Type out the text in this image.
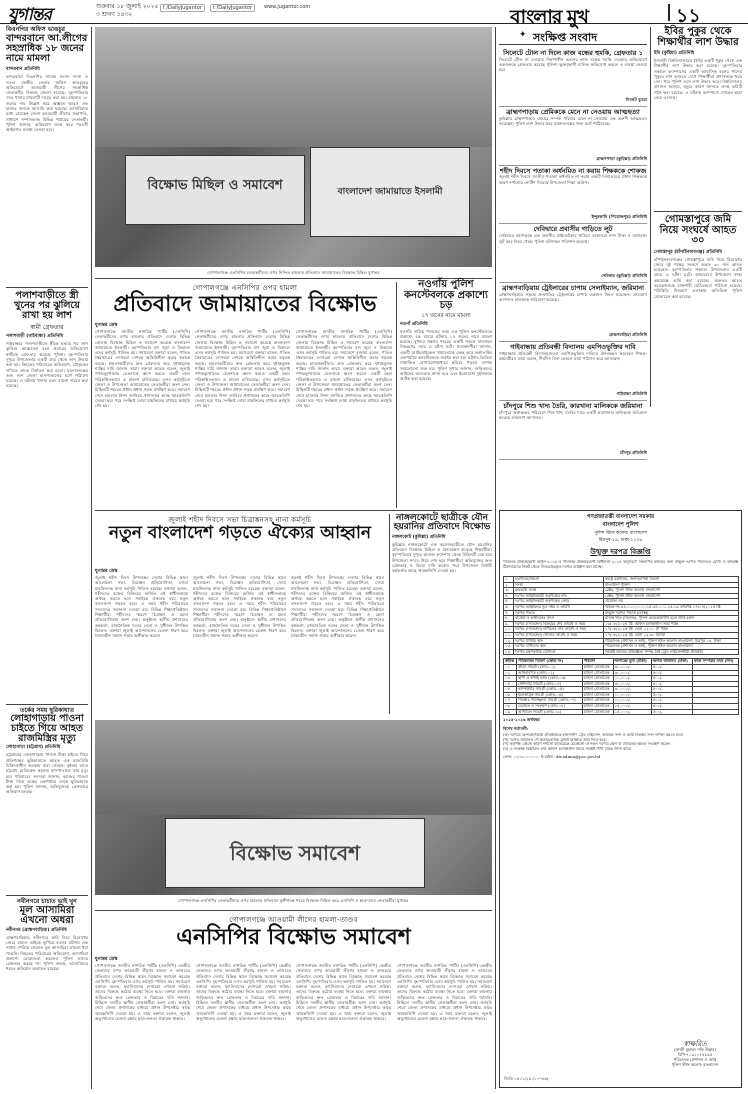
যুগান্তর	শুক্রবার ১৮ জুলাই ২০২৫
৩ শ্রাবণ ১৪৩২
f /DailyJugantor	t /DailyJugantor	www.jugantor.com	বাংলার মুখ	১১
বিএনপির অফিস ভাঙচুর
বান্দরবানে আ.লীগের সহস্রাধিক ১৮ জনের নামে মামলা
বান্দরবান প্রতিনিধি
বান্দরবানে বিএনপির সাবেক সংসদ সদস্য ও দলের কেন্দ্রীয় নেতার অফিস ভাঙচুরের অভিযোগে আওয়ামী লীগের সহস্রাধিক নেতাকর্মীর বিরুদ্ধে মামলা হয়েছে। বৃহস্পতিবার সদর থানায় মামলাটি দায়ের করা হয়। মামলায় ১৮ জনের নাম উল্লেখ করে অজ্ঞাত আরও এক হাজার জনকে আসামি করা হয়েছে। আসামিদের মধ্যে রয়েছেন জেলা আওয়ামী লীগের সভাপতি, সাধারণ সম্পাদকসহ বিভিন্ন পর্যায়ের নেতাকর্মী। পুলিশ জানায়, অভিযোগ তদন্ত করে পরবর্তী আইনগত ব্যবস্থা নেওয়া হবে।
পলাশবাড়ীতে স্ত্রী খুনের পর ঝুলিয়ে রাখা হয় লাশ
স্বামী গ্রেফতার
পলাশবাড়ী (গাইবান্ধা) প্রতিনিধি
গাইবান্ধার পলাশবাড়ীতে স্ত্রীকে হত্যার পর লাশ ঝুলিয়ে আত্মহত্যা বলে প্রচারের অভিযোগে স্বামীকে গ্রেফতার করেছে পুলিশ। বৃহস্পতিবার দুপুরে উপজেলার একটি গ্রাম থেকে লাশ উদ্ধার করা হয়। নিহতের পরিবারের অভিযোগ, যৌতুকের দাবিতে তাকে নির্যাতন করা হতো। ময়নাতদন্তের জন্য লাশ জেলা হাসপাতালের মর্গে পাঠানো হয়েছে। এ ঘটনায় থানায় হত্যা মামলা দায়ের করা হয়েছে।
তর্কের সময় ছুরিকাঘাত
লোহাগাড়ায় পাওনা চাইতে গিয়ে আহত রাজমিস্ত্রির মৃত্যু
লোহাগাড়া (চট্টগ্রাম) প্রতিনিধি
চট্টগ্রামের লোহাগাড়ায় পাওনা টাকা চাইতে গিয়ে প্রতিপক্ষের ছুরিকাঘাতে আহত এক রাজমিস্ত্রি চিকিৎসাধীন অবস্থায় মারা গেছেন। বুধবার রাতে চট্টগ্রাম মেডিকেল কলেজ হাসপাতালে তার মৃত্যু হয়। পরিবারের সদস্যরা জানান, কাজের পাওনা টাকা নিয়ে তর্কের একপর্যায়ে তাকে ছুরিকাঘাত করা হয়। পুলিশ জানায়, অভিযুক্তকে গ্রেফতারে অভিযান চলছে।
নবীনগরে চাচাত ভাই খুন
মূল আসামিরা এখনো অধরা
নবীনগর (ব্রাহ্মণবাড়িয়া) প্রতিনিধি
ব্রাহ্মণবাড়িয়ার নবীনগরে জমি নিয়ে বিরোধের জেরে চাচাত ভাইকে কুপিয়ে হত্যার ঘটনায় এক সপ্তাহ পেরিয়ে গেলেও মূল আসামিরা এখনো ধরা পড়েনি। নিহতের পরিবারের অভিযোগ, আসামিরা প্রকাশ্যে ঘোরাফেরা করলেও পুলিশ তাদের গ্রেফতার করছে না। পুলিশ বলছে, আসামিদের ধরতে অভিযান অব্যাহত রয়েছে।
বিক্ষোভ মিছিল ও সমাবেশ	বাংলাদেশ জামায়াতে ইসলামী
গোপালগঞ্জে এনসিপির নেতাকর্মীদের ওপর নিন্দিত হামলার প্রতিবাদে জামায়াতের বিক্ষোভ মিছিল যুগান্তর
গোপালগঞ্জে এনসিপির ওপর হামলা
প্রতিবাদে জামায়াতের বিক্ষোভ
যুগান্তর ডেস্ক
গোপালগঞ্জে জাতীয় নাগরিক পার্টির (এনসিপি) নেতাকর্মীদের ওপর হামলার প্রতিবাদে দেশের বিভিন্ন জেলায় বিক্ষোভ মিছিল ও সমাবেশ করেছে বাংলাদেশ জামায়াতে ইসলামী। বৃহস্পতিবার বাদ জুমা ও বিকালে এসব কর্মসূচি পালিত হয়। সমাবেশে বক্তারা বলেন, পতিত স্বৈরাচারের দোসররা দেশকে অস্থিতিশীল করার ষড়যন্ত্র করছে। হামলাকারীদের দ্রুত গ্রেফতার করে দৃষ্টান্তমূলক শাস্তির দাবি জানান তারা। বক্তারা আরও বলেন, জুলাই গণঅভ্যুত্থানের চেতনাকে ধ্বংস করতে একটি মহল পরিকল্পিতভাবে এ হামলা চালিয়েছে। এসব কর্মসূচিতে জেলা ও উপজেলা জামায়াতের নেতাকর্মীরা অংশ নেন। মিছিলটি শহরের প্রধান প্রধান সড়ক প্রদক্ষিণ করে। সমাবেশ শেষে হামলার নিন্দা জানিয়ে প্রশাসনের কাছে স্মারকলিপি দেওয়া হয়। পরে সংক্ষিপ্ত দোয়া মাহফিলের মাধ্যমে কর্মসূচি শেষ হয়।
গোপালগঞ্জে জাতীয় নাগরিক পার্টির (এনসিপি) নেতাকর্মীদের ওপর হামলার প্রতিবাদে দেশের বিভিন্ন জেলায় বিক্ষোভ মিছিল ও সমাবেশ করেছে বাংলাদেশ জামায়াতে ইসলামী। বৃহস্পতিবার বাদ জুমা ও বিকালে এসব কর্মসূচি পালিত হয়। সমাবেশে বক্তারা বলেন, পতিত স্বৈরাচারের দোসররা দেশকে অস্থিতিশীল করার ষড়যন্ত্র করছে। হামলাকারীদের দ্রুত গ্রেফতার করে দৃষ্টান্তমূলক শাস্তির দাবি জানান তারা। বক্তারা আরও বলেন, জুলাই গণঅভ্যুত্থানের চেতনাকে ধ্বংস করতে একটি মহল পরিকল্পিতভাবে এ হামলা চালিয়েছে। এসব কর্মসূচিতে জেলা ও উপজেলা জামায়াতের নেতাকর্মীরা অংশ নেন। মিছিলটি শহরের প্রধান প্রধান সড়ক প্রদক্ষিণ করে। সমাবেশ শেষে হামলার নিন্দা জানিয়ে প্রশাসনের কাছে স্মারকলিপি দেওয়া হয়। পরে সংক্ষিপ্ত দোয়া মাহফিলের মাধ্যমে কর্মসূচি শেষ হয়।
গোপালগঞ্জে জাতীয় নাগরিক পার্টির (এনসিপি) নেতাকর্মীদের ওপর হামলার প্রতিবাদে দেশের বিভিন্ন জেলায় বিক্ষোভ মিছিল ও সমাবেশ করেছে বাংলাদেশ জামায়াতে ইসলামী। বৃহস্পতিবার বাদ জুমা ও বিকালে এসব কর্মসূচি পালিত হয়। সমাবেশে বক্তারা বলেন, পতিত স্বৈরাচারের দোসররা দেশকে অস্থিতিশীল করার ষড়যন্ত্র করছে। হামলাকারীদের দ্রুত গ্রেফতার করে দৃষ্টান্তমূলক শাস্তির দাবি জানান তারা। বক্তারা আরও বলেন, জুলাই গণঅভ্যুত্থানের চেতনাকে ধ্বংস করতে একটি মহল পরিকল্পিতভাবে এ হামলা চালিয়েছে। এসব কর্মসূচিতে জেলা ও উপজেলা জামায়াতের নেতাকর্মীরা অংশ নেন। মিছিলটি শহরের প্রধান প্রধান সড়ক প্রদক্ষিণ করে। সমাবেশ শেষে হামলার নিন্দা জানিয়ে প্রশাসনের কাছে স্মারকলিপি দেওয়া হয়। পরে সংক্ষিপ্ত দোয়া মাহফিলের মাধ্যমে কর্মসূচি শেষ হয়।
নওগাঁয় পুলিশ কনস্টেবলকে প্রকাশ্যে চড়
১৭ জনের নামে মামলা
নওগাঁ প্রতিনিধি
নওগাঁয় দায়িত্ব পালনের সময় এক পুলিশ কনস্টেবলকে প্রকাশ্যে চড় মারার ঘটনায় ১৭ জনের নামে মামলা হয়েছে। বুধবার সন্ধ্যায় শহরের একটি সড়কে যানবাহন নিয়ন্ত্রণের সময় এ ঘটনা ঘটে। প্রত্যক্ষদর্শীরা জানান, একটি মোটরসাইকেল থামানোকে কেন্দ্র করে তর্কাতর্কির একপর্যায়ে কনস্টেবলকে মারধর করা হয়। ঘটনার ভিডিও সামাজিক যোগাযোগমাধ্যমে ছড়িয়ে পড়লে ব্যাপক সমালোচনা শুরু হয়। পুলিশ সুপার জানান, জড়িতদের আইনের আওতায় আনা হবে এবং ইতোমধ্যে দুইজনকে আটক করা হয়েছে।
জুলাই শহীদ দিবসে সভা চিত্রাঙ্কনসহ নানা কর্মসূচি
নতুন বাংলাদেশ গড়তে ঐক্যের আহ্বান
যুগান্তর ডেস্ক
জুলাই শহীদ দিবস উপলক্ষ্যে দেশের বিভিন্ন স্থানে আলোচনা সভা, চিত্রাঙ্কন প্রতিযোগিতা, দোয়া মাহফিলসহ নানা কর্মসূচি পালিত হয়েছে। বক্তারা বলেন, শহীদদের রক্তের বিনিময়ে অর্জিত এই স্বাধীনতাকে অর্থবহ করতে হলে সবাইকে ঐক্যবদ্ধ হয়ে নতুন বাংলাদেশ গড়তে হবে। এ সময় শহীদ পরিবারের সদস্যদের সম্মাননা দেওয়া হয়। বিভিন্ন শিক্ষাপ্রতিষ্ঠানে শিক্ষার্থীরা শহীদদের স্মরণে চিত্রাঙ্কন ও রচনা প্রতিযোগিতায় অংশ নেয়। অনুষ্ঠানে স্থানীয় প্রশাসনের কর্মকর্তা, রাজনৈতিক দলের নেতা ও সুধীজন উপস্থিত ছিলেন। বক্তারা জুলাই আন্দোলনের চেতনা ধারণ করে বৈষম্যহীন সমাজ গড়ার অঙ্গীকার করেন।
জুলাই শহীদ দিবস উপলক্ষ্যে দেশের বিভিন্ন স্থানে আলোচনা সভা, চিত্রাঙ্কন প্রতিযোগিতা, দোয়া মাহফিলসহ নানা কর্মসূচি পালিত হয়েছে। বক্তারা বলেন, শহীদদের রক্তের বিনিময়ে অর্জিত এই স্বাধীনতাকে অর্থবহ করতে হলে সবাইকে ঐক্যবদ্ধ হয়ে নতুন বাংলাদেশ গড়তে হবে। এ সময় শহীদ পরিবারের সদস্যদের সম্মাননা দেওয়া হয়। বিভিন্ন শিক্ষাপ্রতিষ্ঠানে শিক্ষার্থীরা শহীদদের স্মরণে চিত্রাঙ্কন ও রচনা প্রতিযোগিতায় অংশ নেয়। অনুষ্ঠানে স্থানীয় প্রশাসনের কর্মকর্তা, রাজনৈতিক দলের নেতা ও সুধীজন উপস্থিত ছিলেন। বক্তারা জুলাই আন্দোলনের চেতনা ধারণ করে বৈষম্যহীন সমাজ গড়ার অঙ্গীকার করেন।
জুলাই শহীদ দিবস উপলক্ষ্যে দেশের বিভিন্ন স্থানে আলোচনা সভা, চিত্রাঙ্কন প্রতিযোগিতা, দোয়া মাহফিলসহ নানা কর্মসূচি পালিত হয়েছে। বক্তারা বলেন, শহীদদের রক্তের বিনিময়ে অর্জিত এই স্বাধীনতাকে অর্থবহ করতে হলে সবাইকে ঐক্যবদ্ধ হয়ে নতুন বাংলাদেশ গড়তে হবে। এ সময় শহীদ পরিবারের সদস্যদের সম্মাননা দেওয়া হয়। বিভিন্ন শিক্ষাপ্রতিষ্ঠানে শিক্ষার্থীরা শহীদদের স্মরণে চিত্রাঙ্কন ও রচনা প্রতিযোগিতায় অংশ নেয়। অনুষ্ঠানে স্থানীয় প্রশাসনের কর্মকর্তা, রাজনৈতিক দলের নেতা ও সুধীজন উপস্থিত ছিলেন। বক্তারা জুলাই আন্দোলনের চেতনা ধারণ করে বৈষম্যহীন সমাজ গড়ার অঙ্গীকার করেন।
নাঙ্গলকোটে ছাত্রীকে যৌন হয়রানির প্রতিবাদে বিক্ষোভ
নাঙ্গলকোট (কুমিল্লা) প্রতিনিধি
কুমিল্লার নাঙ্গলকোটে এক কলেজছাত্রীকে যৌন হয়রানির প্রতিবাদে বিক্ষোভ মিছিল ও মানববন্ধন করেছে শিক্ষার্থীরা। বৃহস্পতিবার দুপুরে কলেজ ক্যাম্পাস থেকে মিছিলটি বের হয়ে উপজেলা সদরে গিয়ে শেষ হয়। শিক্ষার্থীরা অভিযুক্তের দ্রুত গ্রেফতার ও বিচার দাবি করেন। পরে উপজেলা নির্বাহী কর্মকর্তার কাছে স্মারকলিপি দেওয়া হয়।
বিক্ষোভ সমাবেশ
গোপালগঞ্জে এনসিপির নেতাকর্মীদের ওপর হামলার প্রতিবাদে মুন্সীগঞ্জে শহরে বিক্ষোভ মিছিল করে এনসিপি ও ছাত্রদলের নেতাকর্মীরা যুগান্তর
গোপালগঞ্জে আওয়ামী লীগের হামলা-তাণ্ডব
এনসিপির বিক্ষোভ সমাবেশ
যুগান্তর ডেস্ক
গোপালগঞ্জে জাতীয় নাগরিক পার্টির (এনসিপি) কেন্দ্রীয় নেতাদের ওপর আওয়ামী লীগের হামলা ও তাণ্ডবের প্রতিবাদে দেশের বিভিন্ন স্থানে বিক্ষোভ সমাবেশ করেছে এনসিপি। বৃহস্পতিবার এসব কর্মসূচি পালিত হয়। সমাবেশে বক্তারা বলেন, ফ্যাসিবাদের দোসররা এখনো সক্রিয়। তাদের বিরুদ্ধে কঠোর ব্যবস্থা নিতে হবে। বক্তারা হামলায় জড়িতদের দ্রুত গ্রেফতার ও বিচারের দাবি জানান। মিছিলে দলটির স্থানীয় নেতাকর্মীরা অংশ নেন। কর্মসূচি শেষে জেলা প্রশাসকের মাধ্যমে প্রধান উপদেষ্টার কাছে স্মারকলিপি দেওয়া হয়। এ সময় বক্তারা বলেন, জুলাই অভ্যুত্থানের চেতনা রক্ষায় ছাত্র-জনতা ঐক্যবদ্ধ থাকবে।
গোপালগঞ্জে জাতীয় নাগরিক পার্টির (এনসিপি) কেন্দ্রীয় নেতাদের ওপর আওয়ামী লীগের হামলা ও তাণ্ডবের প্রতিবাদে দেশের বিভিন্ন স্থানে বিক্ষোভ সমাবেশ করেছে এনসিপি। বৃহস্পতিবার এসব কর্মসূচি পালিত হয়। সমাবেশে বক্তারা বলেন, ফ্যাসিবাদের দোসররা এখনো সক্রিয়। তাদের বিরুদ্ধে কঠোর ব্যবস্থা নিতে হবে। বক্তারা হামলায় জড়িতদের দ্রুত গ্রেফতার ও বিচারের দাবি জানান। মিছিলে দলটির স্থানীয় নেতাকর্মীরা অংশ নেন। কর্মসূচি শেষে জেলা প্রশাসকের মাধ্যমে প্রধান উপদেষ্টার কাছে স্মারকলিপি দেওয়া হয়। এ সময় বক্তারা বলেন, জুলাই অভ্যুত্থানের চেতনা রক্ষায় ছাত্র-জনতা ঐক্যবদ্ধ থাকবে।
গোপালগঞ্জে জাতীয় নাগরিক পার্টির (এনসিপি) কেন্দ্রীয় নেতাদের ওপর আওয়ামী লীগের হামলা ও তাণ্ডবের প্রতিবাদে দেশের বিভিন্ন স্থানে বিক্ষোভ সমাবেশ করেছে এনসিপি। বৃহস্পতিবার এসব কর্মসূচি পালিত হয়। সমাবেশে বক্তারা বলেন, ফ্যাসিবাদের দোসররা এখনো সক্রিয়। তাদের বিরুদ্ধে কঠোর ব্যবস্থা নিতে হবে। বক্তারা হামলায় জড়িতদের দ্রুত গ্রেফতার ও বিচারের দাবি জানান। মিছিলে দলটির স্থানীয় নেতাকর্মীরা অংশ নেন। কর্মসূচি শেষে জেলা প্রশাসকের মাধ্যমে প্রধান উপদেষ্টার কাছে স্মারকলিপি দেওয়া হয়। এ সময় বক্তারা বলেন, জুলাই অভ্যুত্থানের চেতনা রক্ষায় ছাত্র-জনতা ঐক্যবদ্ধ থাকবে।
গোপালগঞ্জে জাতীয় নাগরিক পার্টির (এনসিপি) কেন্দ্রীয় নেতাদের ওপর আওয়ামী লীগের হামলা ও তাণ্ডবের প্রতিবাদে দেশের বিভিন্ন স্থানে বিক্ষোভ সমাবেশ করেছে এনসিপি। বৃহস্পতিবার এসব কর্মসূচি পালিত হয়। সমাবেশে বক্তারা বলেন, ফ্যাসিবাদের দোসররা এখনো সক্রিয়। তাদের বিরুদ্ধে কঠোর ব্যবস্থা নিতে হবে। বক্তারা হামলায় জড়িতদের দ্রুত গ্রেফতার ও বিচারের দাবি জানান। মিছিলে দলটির স্থানীয় নেতাকর্মীরা অংশ নেন। কর্মসূচি শেষে জেলা প্রশাসকের মাধ্যমে প্রধান উপদেষ্টার কাছে স্মারকলিপি দেওয়া হয়। এ সময় বক্তারা বলেন, জুলাই অভ্যুত্থানের চেতনা রক্ষায় ছাত্র-জনতা ঐক্যবদ্ধ থাকবে।
✦ সংক্ষিপ্ত সংবাদ
সিলেটে টোল না দিলে কাজ বন্ধের হুমকি, গ্রেফতার ১
সিলেটে টোল না দেওয়ায় নির্মাণাধীন ভবনের কাজ বন্ধের হুমকি দেওয়ার অভিযোগে একজনকে গ্রেফতার করেছে পুলিশ। ভুক্তভোগী মালিক অভিযোগ করলে এ ব্যবস্থা নেওয়া হয়।
সিলেট ব্যুরো
ব্রাহ্মণপাড়ায় প্রেমিককে মেনে না নেওয়ায় আত্মহত্যা
কুমিল্লার ব্রাহ্মণপাড়ায় প্রেমের সম্পর্ক পরিবার মেনে না নেওয়ায় এক তরুণী আত্মহত্যা করেছেন। পুলিশ লাশ উদ্ধার করে ময়নাতদন্তের জন্য মর্গে পাঠিয়েছে।
ব্রাহ্মণপাড়া (কুমিল্লা) প্রতিনিধি
শহীদ দিবসে পতাকা অর্ধনমিত না করায় শিক্ষককে শোকজ
জুলাই শহীদ দিবসে জাতীয় পতাকা অর্ধনমিত না করায় একটি বিদ্যালয়ের প্রধান শিক্ষককে কারণ দর্শানোর নোটিশ দিয়েছে উপজেলা শিক্ষা অফিস।
ইন্দুরকানি (পিরোজপুর) প্রতিনিধি
দেবিদ্বারে প্রবাসীর গাড়িতে লুট
দেবিদ্বারে মহাসড়কে এক প্রবাসীর প্রাইভেটকার থামিয়ে ডাকাতরা নগদ টাকা ও মালামাল লুট করে নিয়ে গেছে। পুলিশ ঘটনাস্থল পরিদর্শন করেছে।
দেবিদ্বার (কুমিল্লা) প্রতিনিধি
ব্রাহ্মণবাড়িয়ায় ট্রেইলারের চাপায় সেলাইম্যান, জরিমানা
ব্রাহ্মণবাড়িয়ায় সড়কে দ্রুতগতির ট্রেইলারের চাপায় একজন নিহত হয়েছেন। ভ্রাম্যমাণ আদালত চালককে জরিমানা করেছে।
ব্রাহ্মণবাড়িয়া প্রতিনিধি
গাইবান্ধায় প্রতিবন্ধী বিদ্যালয় এমপিওভুক্তির দাবি
গাইবান্ধায় প্রতিবন্ধী বিদ্যালয়গুলো এমপিওভুক্তির দাবিতে মানববন্ধন করেছেন শিক্ষক-কর্মচারীরা। তারা বলেন, দীর্ঘদিন বিনা বেতনে তারা পাঠদান করে আসছেন।
গাইবান্ধা প্রতিনিধি
চাঁদপুরে শিশু খাদ্য তৈরি, কারখানা মালিককে জরিমানা
চাঁদপুরে অস্বাস্থ্যকর পরিবেশে শিশু খাদ্য তৈরির দায়ে একটি কারখানার মালিককে জরিমানা করেছে ভ্রাম্যমাণ আদালত।
চাঁদপুর প্রতিনিধি
ইবির পুকুর থেকে শিক্ষার্থীর লাশ উদ্ধার
ইবি (কুষ্টিয়া) প্রতিনিধি
ইসলামী বিশ্ববিদ্যালয়ের (ইবি) একটি পুকুর থেকে এক শিক্ষার্থীর লাশ উদ্ধার করা হয়েছে। বৃহস্পতিবার সকালে ক্যাম্পাসের একটি আবাসিক হলের পাশের পুকুরে লাশ ভাসতে দেখে শিক্ষার্থীরা প্রশাসনকে খবর দেন। পরে পুলিশ এসে লাশ উদ্ধার করে। বিশ্ববিদ্যালয় প্রশাসন জানায়, মৃত্যুর কারণ জানতে তদন্ত কমিটি গঠন করা হয়েছে। এ ঘটনায় ক্যাম্পাসে শোকের ছায়া নেমে এসেছে।
গোমস্তাপুরে জমি নিয়ে সংঘর্ষে আহত ৩০
গোমস্তাপুর (চাঁপাইনবাবগঞ্জ) প্রতিনিধি
চাঁপাইনবাবগঞ্জের গোমস্তাপুরে জমি নিয়ে বিরোধের জেরে দুই পক্ষের সংঘর্ষে অন্তত ৩০ জন আহত হয়েছেন। বৃহস্পতিবার সকালে উপজেলার একটি গ্রামে এ ঘটনা ঘটে। আহতদের উপজেলা স্বাস্থ্য কমপ্লেক্সে ভর্তি করা হয়েছে। গুরুতর আহত কয়েকজনকে রাজশাহী মেডিকেলে পাঠানো হয়েছে। পরিস্থিতি নিয়ন্ত্রণে এলাকায় অতিরিক্ত পুলিশ মোতায়েন করা হয়েছে।
গণপ্রজাতন্ত্রী বাংলাদেশ সরকার
বাংলাদেশ পুলিশ
পুলিশ স্টাফ কলেজ বাংলাদেশ
মিরপুর-১৪, ঢাকা-১২০৬
উন্মুক্ত দরপত্র বিজ্ঞপ্তি
পাবলিক প্রকিউরমেন্ট আইন-২০০৬ ও পাবলিক প্রকিউরমেন্ট বিধিমালা-২০২৫ অনুসরণে নিম্নবর্ণিত কাজের জন্য উন্মুক্ত দরপত্র পদ্ধতিতে যোগ্য ও অভিজ্ঞ ঠিকাদারদের নিকট থেকে সিলমোহরকৃত দরপত্র আহ্বান করা যাচ্ছে।
১.	মন্ত্রণালয়/বিভাগ	স্বরাষ্ট্র মন্ত্রণালয়, জননিরাপত্তা বিভাগ
২.	সংস্থা	বাংলাদেশ পুলিশ
৩.	ক্রয়কারী সংস্থা	রেক্টর, পুলিশ স্টাফ কলেজ বাংলাদেশ
৪.	দরপত্র আহ্বানকারী কর্তৃপক্ষের নাম	রেক্টর, পুলিশ স্টাফ কলেজ বাংলাদেশ
৫.	দরপত্র আহ্বানকারী কর্তৃপক্ষের কোড	প্রযোজ্য নয়
৬.	দরপত্র আহ্বানের সূত্র নম্বর ও তারিখ	স্মারক নং-৪৪.০১.০০০০.০১৫.৩৭.০০১.২৫-১৯ তারিখঃ ১৭/০৭/২০২৫ খ্রি.
৭.	দরপত্র পদ্ধতি	উন্মুক্ত দরপত্র পদ্ধতি (OTM)
৮.	বাজেট ও অর্থায়নের উৎস	রাজস্ব খাত (জিওবি), পুলিশ হেডকোয়ার্টার্স হতে প্রাপ্ত বরাদ্দ
৯.	দরপত্র (সিডিউল) বিক্রয়ের শেষ তারিখ ও সময়	১৬/০৮/২০২৫ খ্রি. অফিস চলাকালীন সময় পর্যন্ত
১০.	দরপত্র (সিডিউল) দাখিলের শেষ তারিখ ও সময়	১৭/০৮/২০২৫ খ্রি. বেলা ১২:০০ টা পর্যন্ত
১১.	দরপত্র (সিডিউল) খোলার তারিখ ও সময়	১৭/০৮/২০২৫ খ্রি. বেলা ১২:৩০ মিনিট
১২.	দরপত্র প্রাপ্তির স্থান	পরিচালক (প্রশাসন ও অর্থ), পুলিশ স্টাফ কলেজ বাংলাদেশ, মিরপুর-১৪, ঢাকা
১৩.	দরপত্র দাখিলের স্থান	পরিচালক (প্রশাসন ও অর্থ), পুলিশ স্টাফ কলেজ বাংলাদেশ
১৪.	দরপত্র গ্রহণকারীর যোগ্যতা	সংশ্লিষ্ট কাজের অভিজ্ঞতা সম্পন্ন বৈধ ট্রেড লাইসেন্সধারী প্রতিষ্ঠান
ক্রমিক	প্যাকেজের বিবরণ (কোড নং)	পরিমাণ	দরপত্রের মূল্য (টাকা)	দরপত্র জামানত (টাকা)	কাজ সম্পন্নের সময় (দিন)
০১	ক্রীড়া সামগ্রী (কোড-০১)	চাহিদা মোতাবেক	৩০,০০০/-	৫০০/-	
০২	আসবাবপত্র (কোড-০২)	চাহিদা মোতাবেক	৩০,০০০/-	৫০০/-	
০৩	ছাপা ও বাঁধাই কাজ (কোড-০৩)	চাহিদা মোতাবেক	১০,০০০/-	৫০০/-	
০৪	স্টেশনারি সামগ্রী (কোড-০৪)	চাহিদা মোতাবেক	৩০,০০০/-	৫০০/-	
০৫	কম্পিউটার সামগ্রী (কোড-০৫)	চাহিদা মোতাবেক	৩০,০০০/-	৫০০/-	
০৬	ইলেকট্রিক সামগ্রী (কোড-০৬)	চাহিদা মোতাবেক	১০,০০০/-	৫০০/-	
০৭	পরিষ্কার-পরিচ্ছন্নতা সামগ্রী (কোড-০৭)	চাহিদা মোতাবেক	১০,০০০/-	৫০০/-	
০৮	মেরামত ও সংরক্ষণ (কোড-০৮)	চাহিদা মোতাবেক	১৫,০০০/-	৫০০/-	
০৯	আপ্যায়ন সামগ্রী (কোড-০৯)	চাহিদা মোতাবেক	১৫,০০০/-	৫০০/-	
২০২৫-২০২৬ অর্থবছর
বিশেষ শর্তাবলী:
(ক) দরপত্রে অংশগ্রহণকারী প্রতিষ্ঠানকে হালনাগাদ ট্রেড লাইসেন্স, আয়কর সনদ ও ভ্যাট নিবন্ধন সনদ দাখিল করতে হবে।
(খ) দরপত্র জামানত পে-অর্ডার/ব্যাংক ড্রাফট আকারে জমা দিতে হবে।
(গ) কর্তৃপক্ষ কোনো কারণ দর্শানো ব্যতিরেকে যেকোনো বা সকল দরপত্র গ্রহণ বা বাতিলের ক্ষমতা সংরক্ষণ করেন।
(ঘ) এ সংক্রান্ত বিস্তারিত তথ্য অফিস চলাকালীন সময়ে সংশ্লিষ্ট শাখা থেকে জানা যাবে।
ফোন: ০২-৯০০০০০০, ই-মেইল: dir.admin@psc.gov.bd
স্বাক্ষরিত
(কাজী মুহাম্মদ শফি উল্লাহ)
বিপি-৭০৯১০৭৪৮৯৫
পরিচালক (প্রশাসন ও অর্থ)
পুলিশ স্টাফ কলেজ বাংলাদেশ
জিডি-১৫১১/২৫ (১০"×৬)
